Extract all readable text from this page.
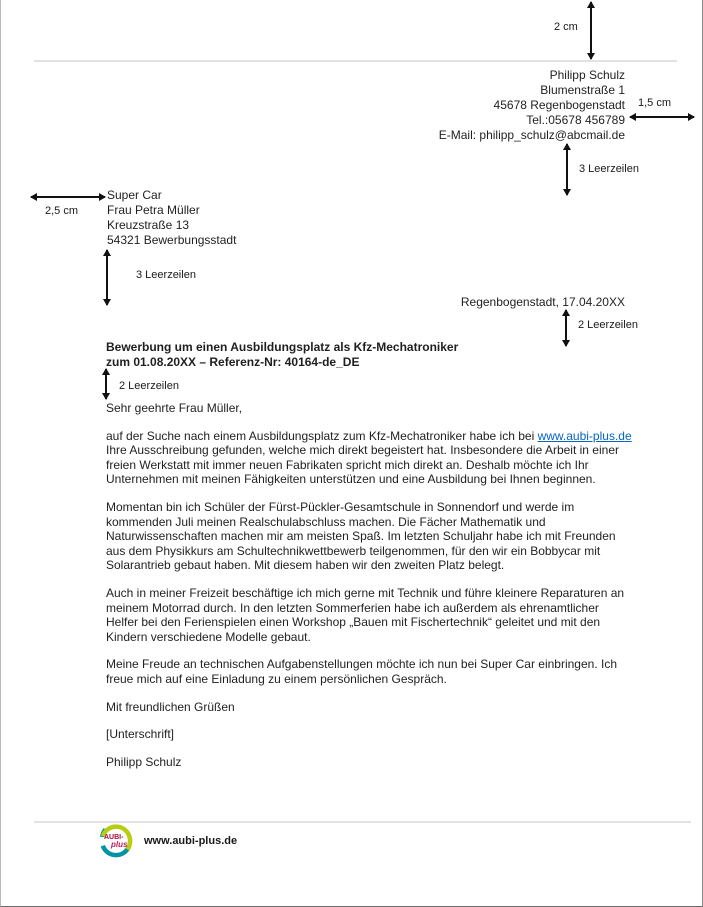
2 cm
Philipp Schulz
Blumenstraße 1
45678 Regenbogenstadt
Tel.:05678 456789
E-Mail: philipp_schulz@abcmail.de
1,5 cm
3 Leerzeilen
2,5 cm
Super Car
Frau Petra Müller
Kreuzstraße 13
54321 Bewerbungsstadt
3 Leerzeilen
Regenbogenstadt, 17.04.20XX
2 Leerzeilen
Bewerbung um einen Ausbildungsplatz als Kfz-Mechatroniker
zum 01.08.20XX – Referenz-Nr: 40164-de_DE
2 Leerzeilen

Sehr geehrte Frau Müller,

auf der Suche nach einem Ausbildungsplatz zum Kfz-Mechatroniker habe ich bei www.aubi-plus.de Ihre Ausschreibung gefunden, welche mich direkt begeistert hat. Insbesondere die Arbeit in einer freien Werkstatt mit immer neuen Fabrikaten spricht mich direkt an. Deshalb möchte ich Ihr Unternehmen mit meinen Fähigkeiten unterstützen und eine Ausbildung bei Ihnen beginnen.

Momentan bin ich Schüler der Fürst-Pückler-Gesamtschule in Sonnendorf und werde im kommenden Juli meinen Realschulabschluss machen. Die Fächer Mathematik und Naturwissenschaften machen mir am meisten Spaß. Im letzten Schuljahr habe ich mit Freunden aus dem Physikkurs am Schultechnikwettbewerb teilgenommen, für den wir ein Bobbycar mit Solarantrieb gebaut haben. Mit diesem haben wir den zweiten Platz belegt.

Auch in meiner Freizeit beschäftige ich mich gerne mit Technik und führe kleinere Reparaturen an meinem Motorrad durch. In den letzten Sommerferien habe ich außerdem als ehrenamtlicher Helfer bei den Ferienspielen einen Workshop „Bauen mit Fischertechnik“ geleitet und mit den Kindern verschiedene Modelle gebaut.

Meine Freude an technischen Aufgabenstellungen möchte ich nun bei Super Car einbringen. Ich freue mich auf eine Einladung zu einem persönlichen Gespräch.

Mit freundlichen Grüßen

[Unterschrift]

Philipp Schulz

AUBI-
plus www.aubi-plus.de
